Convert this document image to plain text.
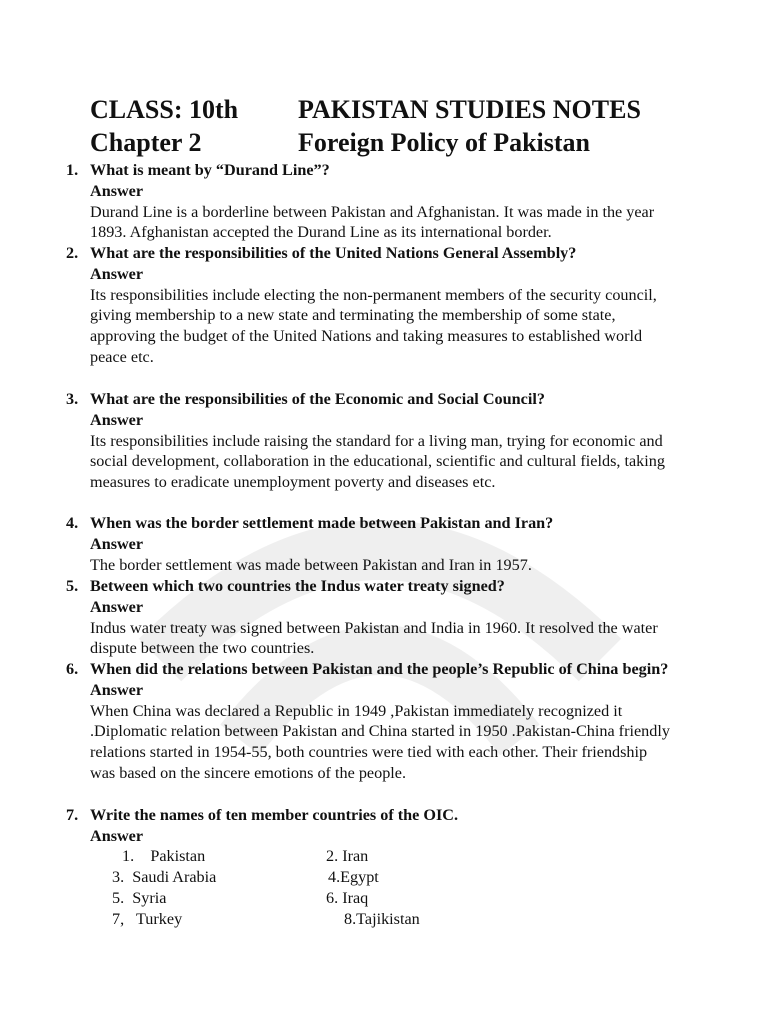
CLASS: 10th PAKISTAN STUDIES NOTES
Chapter 2	Foreign Policy of Pakistan
1. What is meant by “Durand Line”?
Answer
Durand Line is a borderline between Pakistan and Afghanistan. It was made in the year 1893. Afghanistan accepted the Durand Line as its international border.
2. What are the responsibilities of the United Nations General Assembly?
Answer
Its responsibilities include electing the non-permanent members of the security council, giving membership to a new state and terminating the membership of some state, approving the budget of the United Nations and taking measures to established world peace etc.
3. What are the responsibilities of the Economic and Social Council?
Answer
Its responsibilities include raising the standard for a living man, trying for economic and social development, collaboration in the educational, scientific and cultural fields, taking measures to eradicate unemployment poverty and diseases etc.
4. When was the border settlement made between Pakistan and Iran?
Answer
The border settlement was made between Pakistan and Iran in 1957.
5. Between which two countries the Indus water treaty signed?
Answer
Indus water treaty was signed between Pakistan and India in 1960. It resolved the water dispute between the two countries.
6. When did the relations between Pakistan and the people’s Republic of China begin?
Answer
When China was declared a Republic in 1949 ,Pakistan immediately recognized it .Diplomatic relation between Pakistan and China started in 1950 .Pakistan-China friendly relations started in 1954-55, both countries were tied with each other. Their friendship was based on the sincere emotions of the people.
7. Write the names of ten member countries of the OIC.
Answer
1.    Pakistan
3.  Saudi Arabia
5.  Syria
7,   Turkey
2. Iran
4.Egypt
6. Iraq
8.Tajikistan
